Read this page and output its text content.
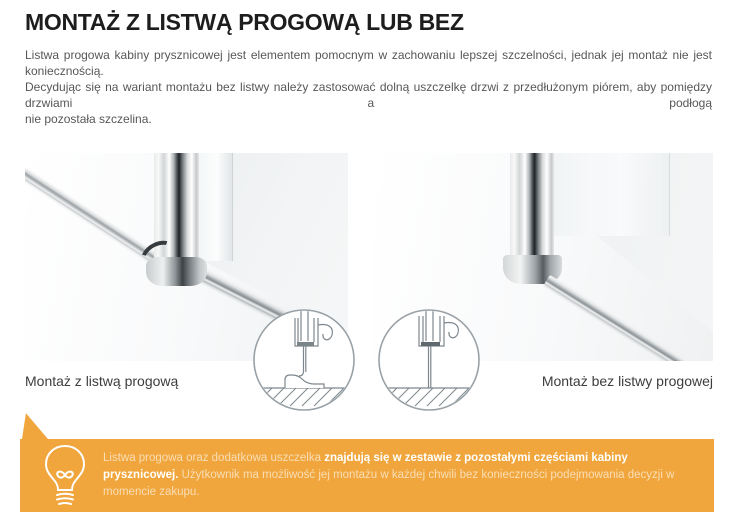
MONTAŻ Z LISTWĄ PROGOWĄ LUB BEZ
Listwa progowa kabiny prysznicowej jest elementem pomocnym w zachowaniu lepszej szczelności, jednak jej montaż nie jest koniecznością.
Decydując się na wariant montażu bez listwy należy zastosować dolną uszczelkę drzwi z przedłużonym piórem, aby pomiędzy drzwiami a podłogą
nie pozostała szczelina.
Montaż z listwą progową	Montaż bez listwy progowej

Listwa progowa oraz dodatkowa uszczelka znajdują się w zestawie z pozostałymi częściami kabiny prysznicowej. Użytkownik ma możliwość jej montażu w każdej chwili bez konieczności podejmowania decyzji w momencie zakupu.
